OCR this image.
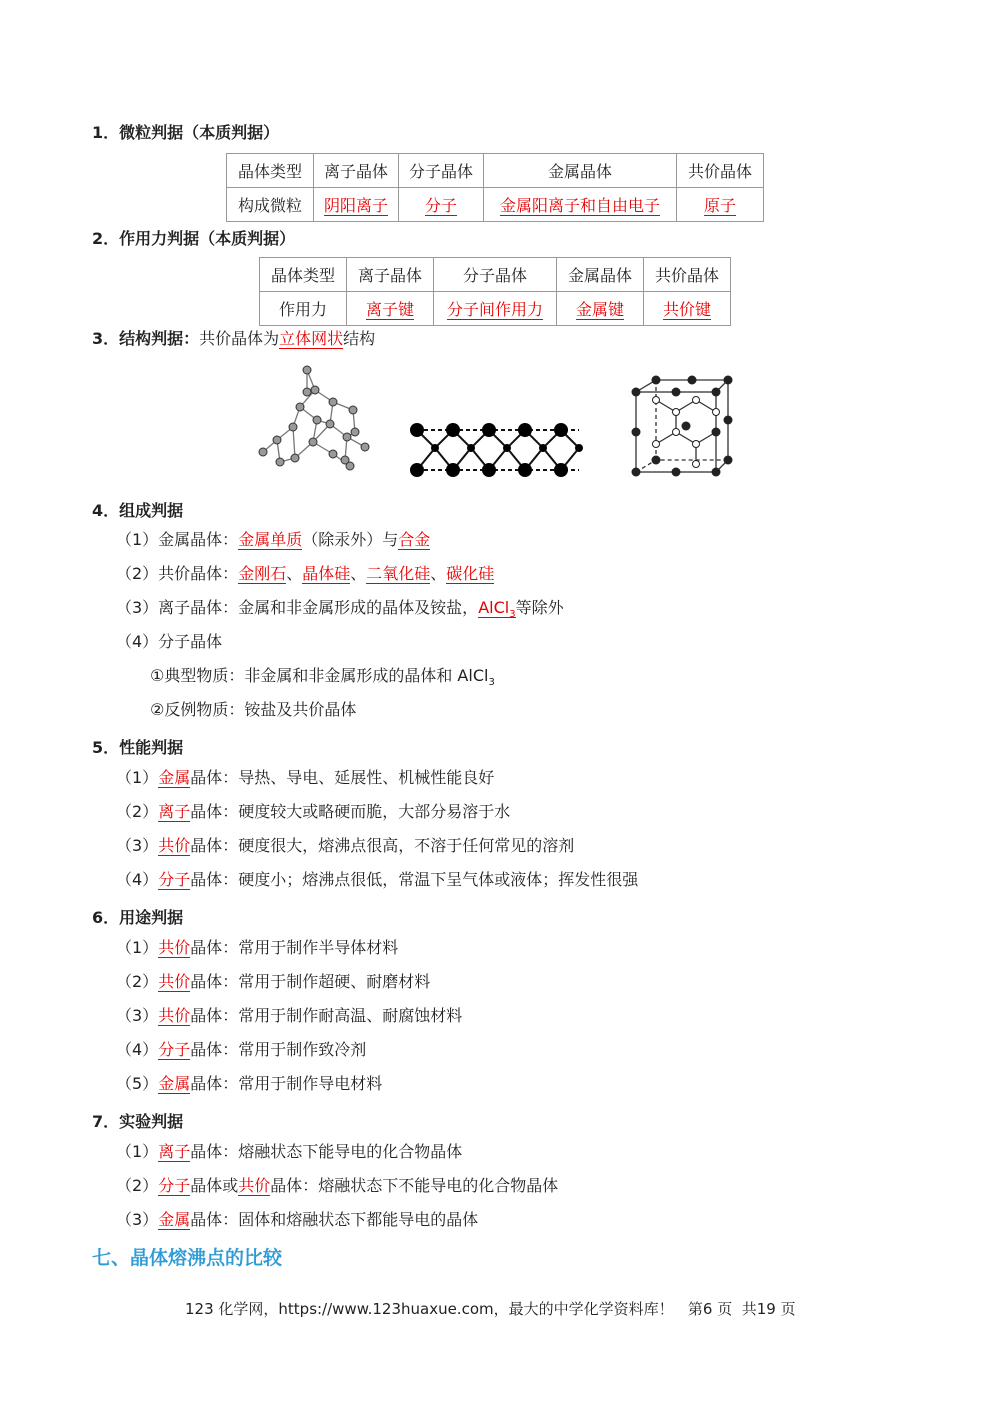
1．微粒判据（本质判据）
晶体类型	离子晶体	分子晶体	金属晶体	共价晶体
构成微粒	阴阳离子	分子	金属阳离子和自由电子	原子
2．作用力判据（本质判据）
晶体类型	离子晶体	分子晶体	金属晶体	共价晶体
作用力	离子键	分子间作用力	金属键	共价键
3．结构判据：共价晶体为立体网状结构
4．组成判据
（1）金属晶体：金属单质（除汞外）与合金
（2）共价晶体：金刚石、晶体硅、二氧化硅、碳化硅
（3）离子晶体：金属和非金属形成的晶体及铵盐，AlCl$_3$等除外
（4）分子晶体
①典型物质：非金属和非金属形成的晶体和 AlCl$_3$
②反例物质：铵盐及共价晶体
5．性能判据
（1）金属晶体：导热、导电、延展性、机械性能良好
（2）离子晶体：硬度较大或略硬而脆，大部分易溶于水
（3）共价晶体：硬度很大，熔沸点很高，不溶于任何常见的溶剂
（4）分子晶体：硬度小；熔沸点很低，常温下呈气体或液体；挥发性很强
6．用途判据
（1）共价晶体：常用于制作半导体材料
（2）共价晶体：常用于制作超硬、耐磨材料
（3）共价晶体：常用于制作耐高温、耐腐蚀材料
（4）分子晶体：常用于制作致冷剂
（5）金属晶体：常用于制作导电材料
7．实验判据
（1）离子晶体：熔融状态下能导电的化合物晶体
（2）分子晶体或共价晶体：熔融状态下不能导电的化合物晶体
（3）金属晶体：固体和熔融状态下都能导电的晶体
七、晶体熔沸点的比较
123 化学网，https://www.123huaxue.com，最大的中学化学资料库！   第6 页  共19 页
